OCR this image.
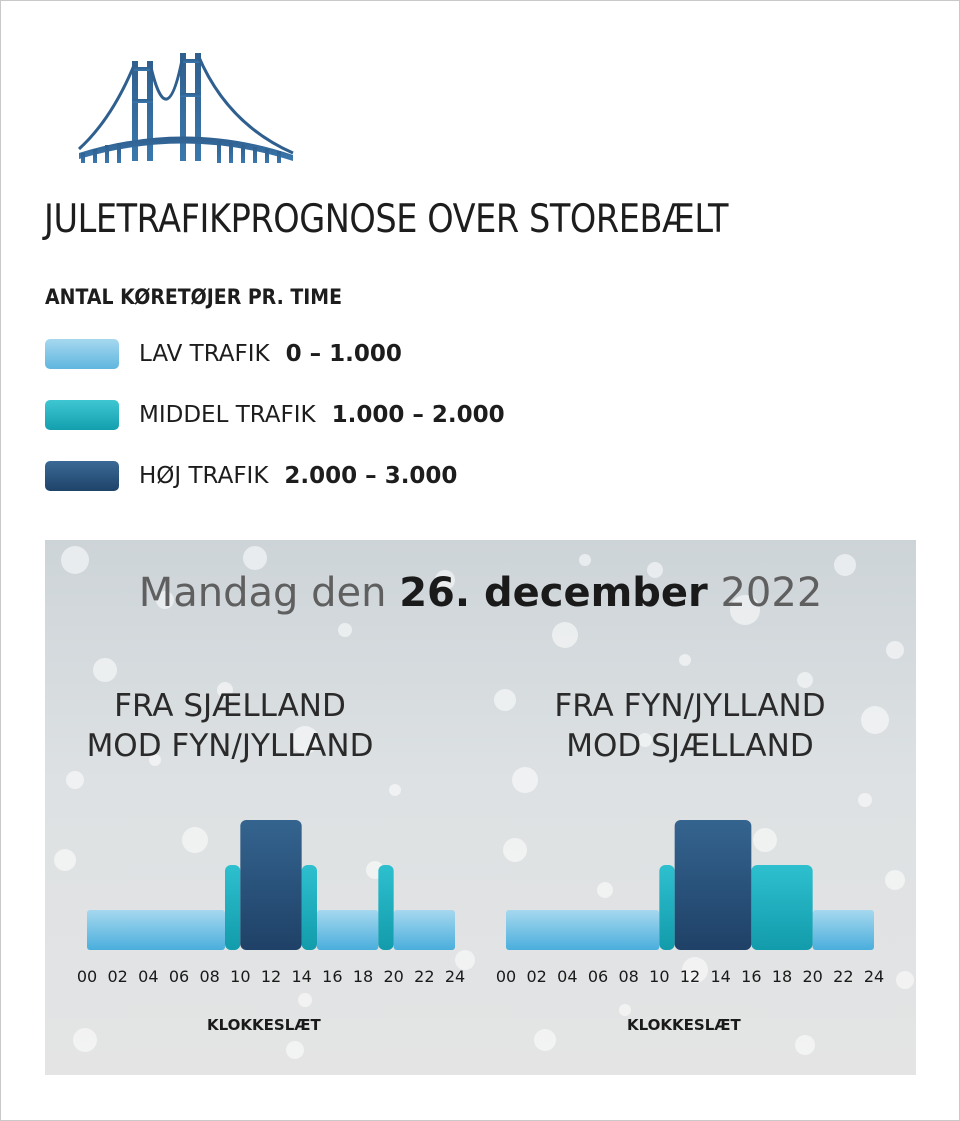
JULETRAFIKPROGNOSE OVER STOREBÆLT
ANTAL KØRETØJER PR. TIME
LAV TRAFIK 0 – 1.000
MIDDEL TRAFIK 1.000 – 2.000
HØJ TRAFIK 2.000 – 3.000
Mandag den 26. december 2022
FRA SJÆLLAND
MOD FYN/JYLLAND
FRA FYN/JYLLAND
MOD SJÆLLAND
00 02 04 06 08 10 12 14 16 18 20 22 24 00 02 04 06 08 10 12 14 16 18 20 22 24
KLOKKESLÆT	KLOKKESLÆT
